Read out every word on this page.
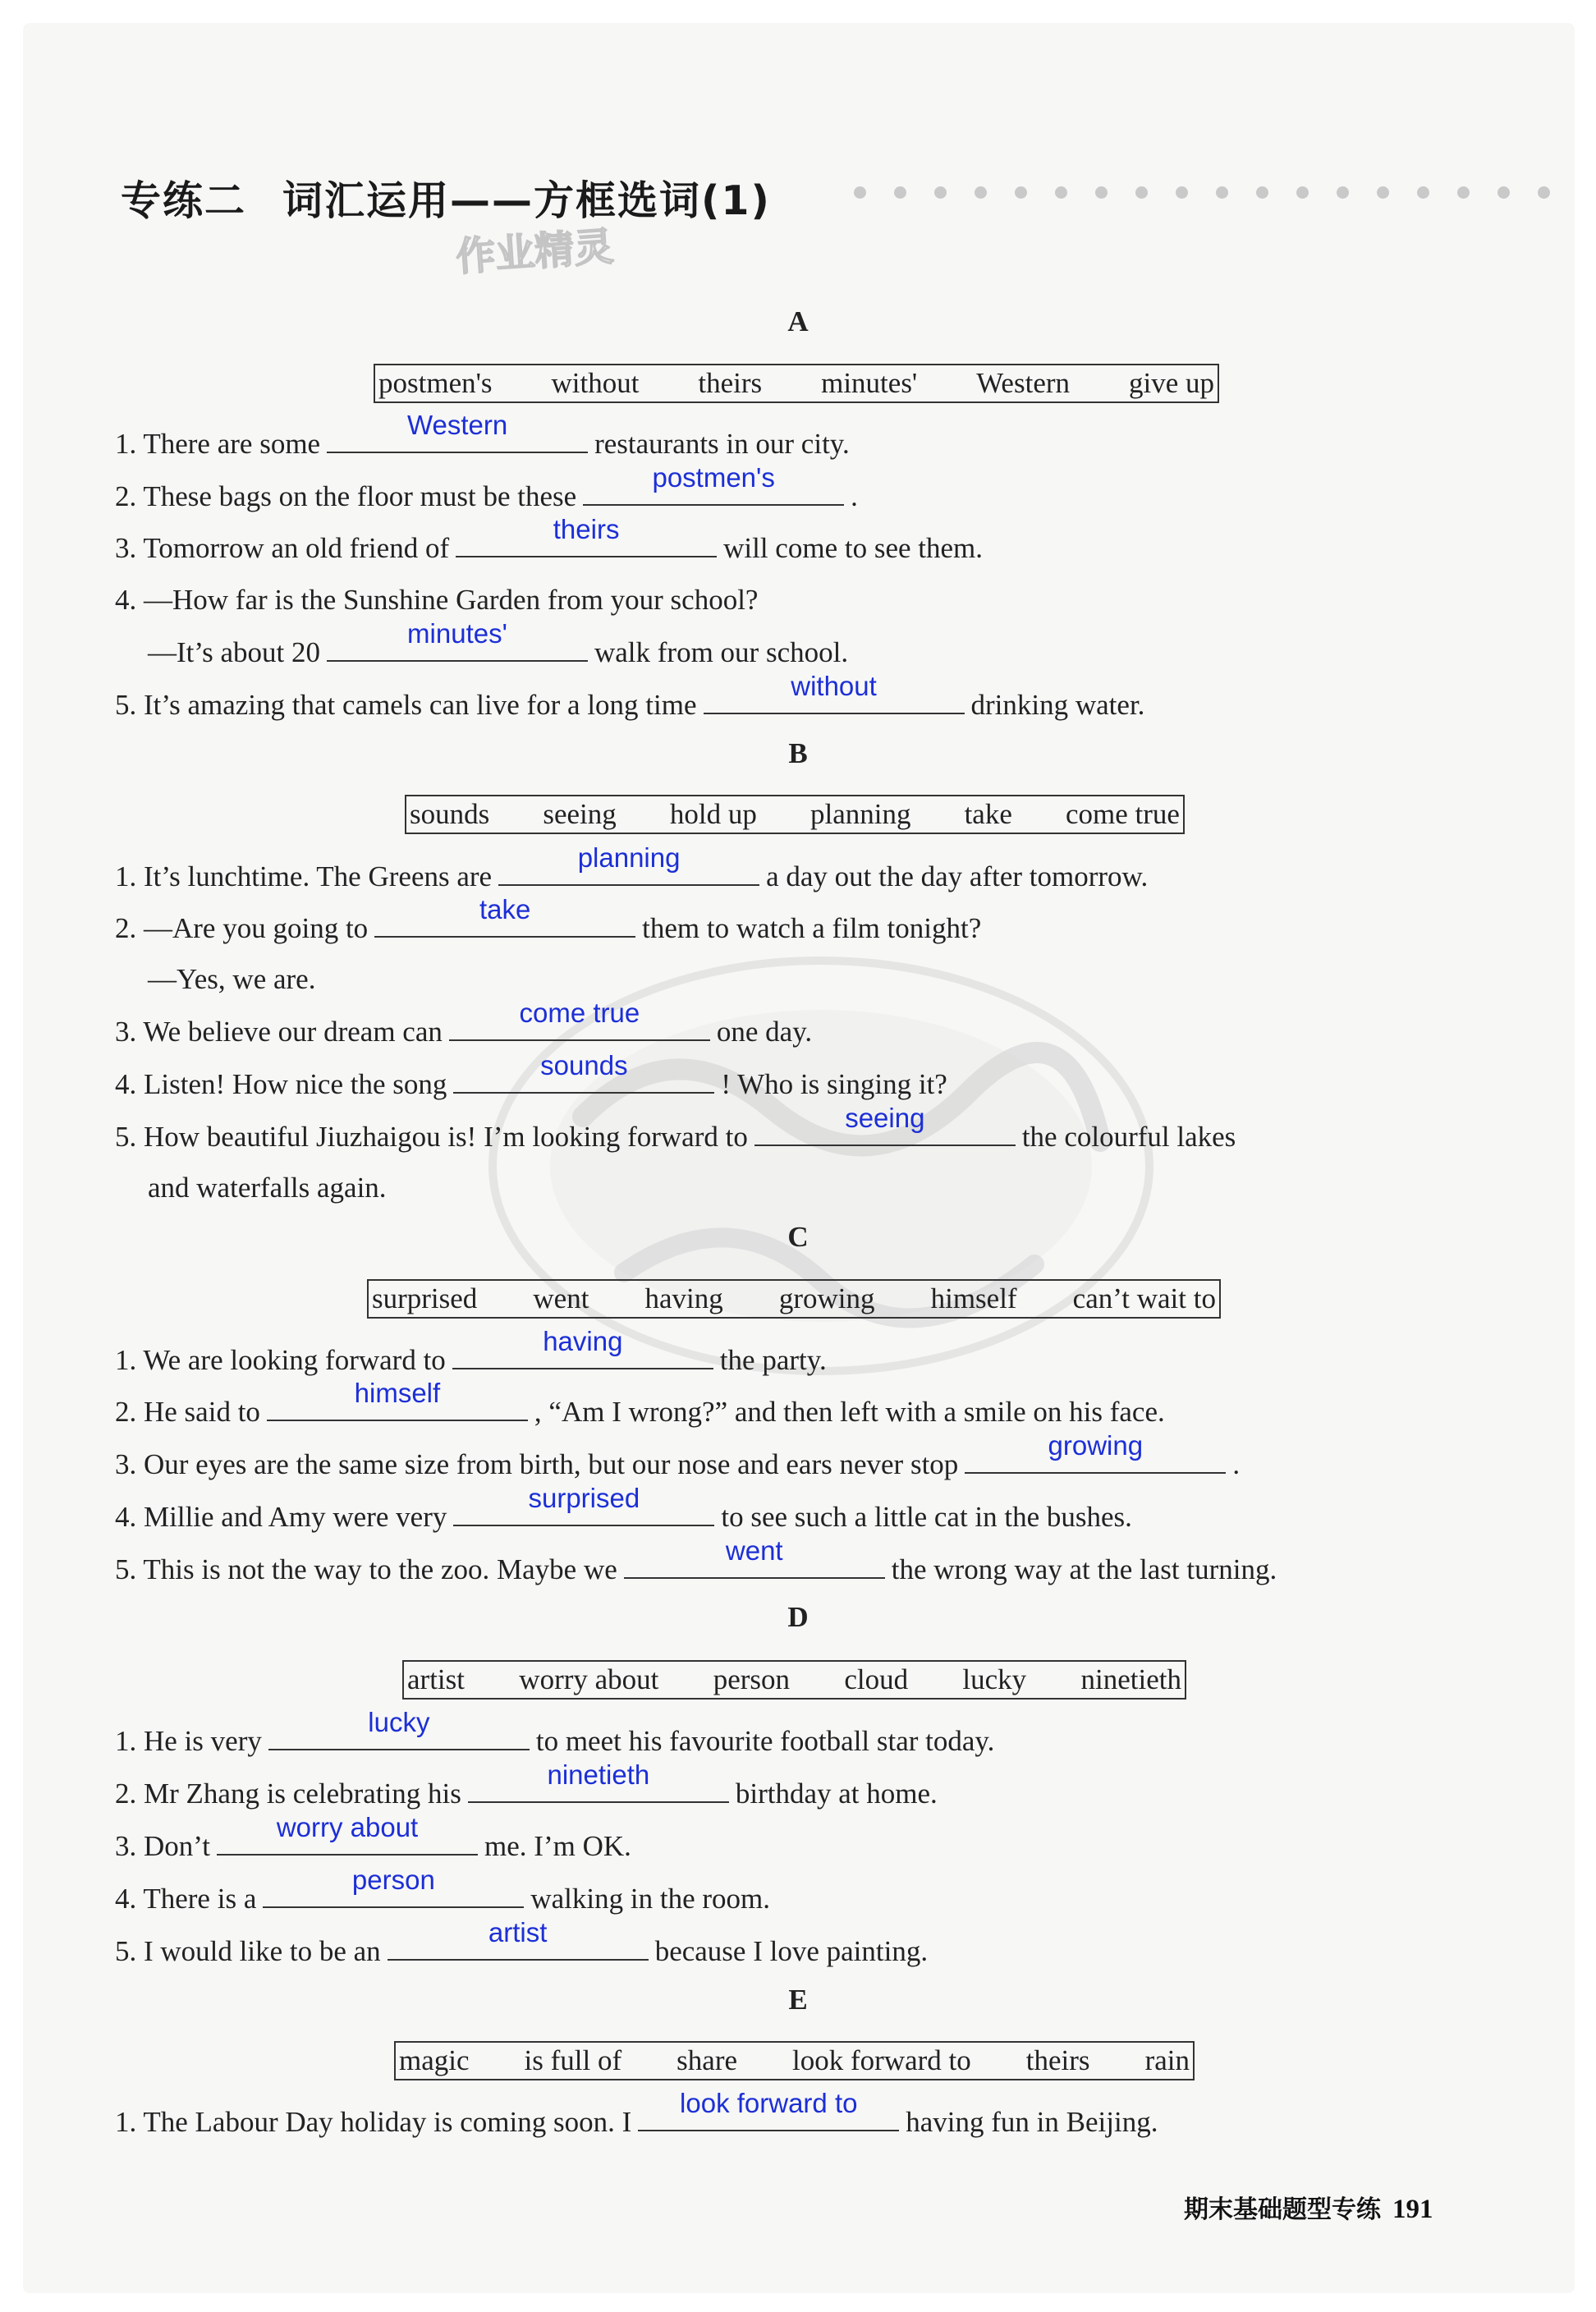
专练二 词汇运用——方框选词(1)
作业精灵
A
postmen's without theirs minutes' Western give up
1. There are some
Western
restaurants in our city.
2. These bags on the floor must be these
postmen's
.
3. Tomorrow an old friend of
theirs
will come to see them.
4. —How far is the Sunshine Garden from your school?
—It’s about 20
minutes'
walk from our school.
5. It’s amazing that camels can live for a long time
without
drinking water.
B
sounds seeing hold up planning take come true
1. It’s lunchtime. The Greens are
planning
a day out the day after tomorrow.
2. —Are you going to
take
them to watch a film tonight?
—Yes, we are.
3. We believe our dream can
come true
one day.
4. Listen! How nice the song
sounds
! Who is singing it?
5. How beautiful Jiuzhaigou is! I’m looking forward to
seeing
the colourful lakes
and waterfalls again.
C
surprised went having growing himself can’t wait to
1. We are looking forward to
having
the party.
2. He said to
himself
, “Am I wrong?” and then left with a smile on his face.
3. Our eyes are the same size from birth, but our nose and ears never stop
growing
.
4. Millie and Amy were very
surprised
to see such a little cat in the bushes.
5. This is not the way to the zoo. Maybe we
went
the wrong way at the last turning.
D
artist worry about person cloud lucky ninetieth
1. He is very
lucky
to meet his favourite football star today.
2. Mr Zhang is celebrating his
ninetieth
birthday at home.
3. Don’t
worry about
me. I’m OK.
4. There is a
person
walking in the room.
5. I would like to be an
artist
because I love painting.
E
magic is full of share look forward to theirs rain
1. The Labour Day holiday is coming soon. I
look forward to
having fun in Beijing.
期末基础题型专练 191
